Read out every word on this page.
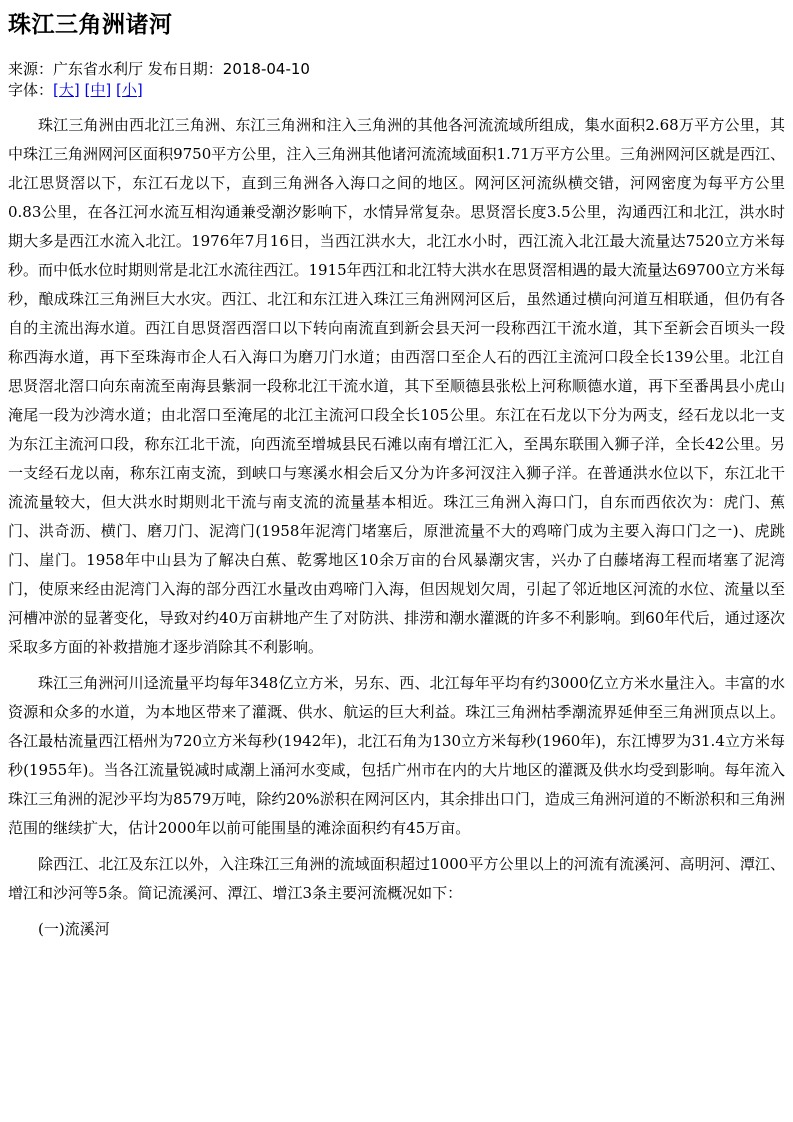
珠江三角洲诸河
来源：广东省水利厅 发布日期：2018-04-10
字体：[大] [中] [小]

珠江三角洲由西北江三角洲、东江三角洲和注入三角洲的其他各河流流域所组成，集水面积2.68万平方公里，其中珠江三角洲网河区面积9750平方公里，注入三角洲其他诸河流流域面积1.71万平方公里。三角洲网河区就是西江、北江思贤滘以下，东江石龙以下，直到三角洲各入海口之间的地区。网河区河流纵横交错，河网密度为每平方公里0.83公里，在各江河水流互相沟通兼受潮汐影响下，水情异常复杂。思贤滘长度3.5公里，沟通西江和北江，洪水时期大多是西江水流入北江。1976年7月16日，当西江洪水大，北江水小时，西江流入北江最大流量达7520立方米每秒。而中低水位时期则常是北江水流往西江。1915年西江和北江特大洪水在思贤滘相遇的最大流量达69700立方米每秒，酿成珠江三角洲巨大水灾。西江、北江和东江进入珠江三角洲网河区后，虽然通过横向河道互相联通，但仍有各自的主流出海水道。西江自思贤滘西滘口以下转向南流直到新会县天河一段称西江干流水道，其下至新会百顷头一段称西海水道，再下至珠海市企人石入海口为磨刀门水道；由西滘口至企人石的西江主流河口段全长139公里。北江自思贤滘北滘口向东南流至南海县紫洞一段称北江干流水道，其下至顺德县张松上河称顺德水道，再下至番禺县小虎山淹尾一段为沙湾水道；由北滘口至淹尾的北江主流河口段全长105公里。东江在石龙以下分为两支，经石龙以北一支为东江主流河口段，称东江北干流，向西流至增城县民石滩以南有增江汇入，至禺东联围入狮子洋，全长42公里。另一支经石龙以南，称东江南支流，到峡口与寒溪水相会后又分为许多河汊注入狮子洋。在普通洪水位以下，东江北干流流量较大，但大洪水时期则北干流与南支流的流量基本相近。珠江三角洲入海口门，自东而西依次为：虎门、蕉门、洪奇沥、横门、磨刀门、泥湾门(1958年泥湾门堵塞后，原泄流量不大的鸡啼门成为主要入海口门之一)、虎跳门、崖门。1958年中山县为了解决白蕉、乾雾地区10余万亩的台风暴潮灾害，兴办了白藤堵海工程而堵塞了泥湾门，使原来经由泥湾门入海的部分西江水量改由鸡啼门入海，但因规划欠周，引起了邻近地区河流的水位、流量以至河槽冲淤的显著变化，导致对约40万亩耕地产生了对防洪、排涝和潮水灌溉的许多不利影响。到60年代后，通过逐次采取多方面的补救措施才逐步消除其不利影响。

珠江三角洲河川迳流量平均每年348亿立方米，另东、西、北江每年平均有约3000亿立方米水量注入。丰富的水资源和众多的水道，为本地区带来了灌溉、供水、航运的巨大利益。珠江三角洲枯季潮流界延伸至三角洲顶点以上。各江最枯流量西江梧州为720立方米每秒(1942年)，北江石角为130立方米每秒(1960年)，东江博罗为31.4立方米每秒(1955年)。当各江流量锐减时咸潮上涌河水变咸，包括广州市在内的大片地区的灌溉及供水均受到影响。每年流入珠江三角洲的泥沙平均为8579万吨，除约20%淤积在网河区内，其余排出口门，造成三角洲河道的不断淤积和三角洲范围的继续扩大，估计2000年以前可能围垦的滩涂面积约有45万亩。

除西江、北江及东江以外，入注珠江三角洲的流域面积超过1000平方公里以上的河流有流溪河、高明河、潭江、增江和沙河等5条。简记流溪河、潭江、增江3条主要河流概况如下：

(一)流溪河
